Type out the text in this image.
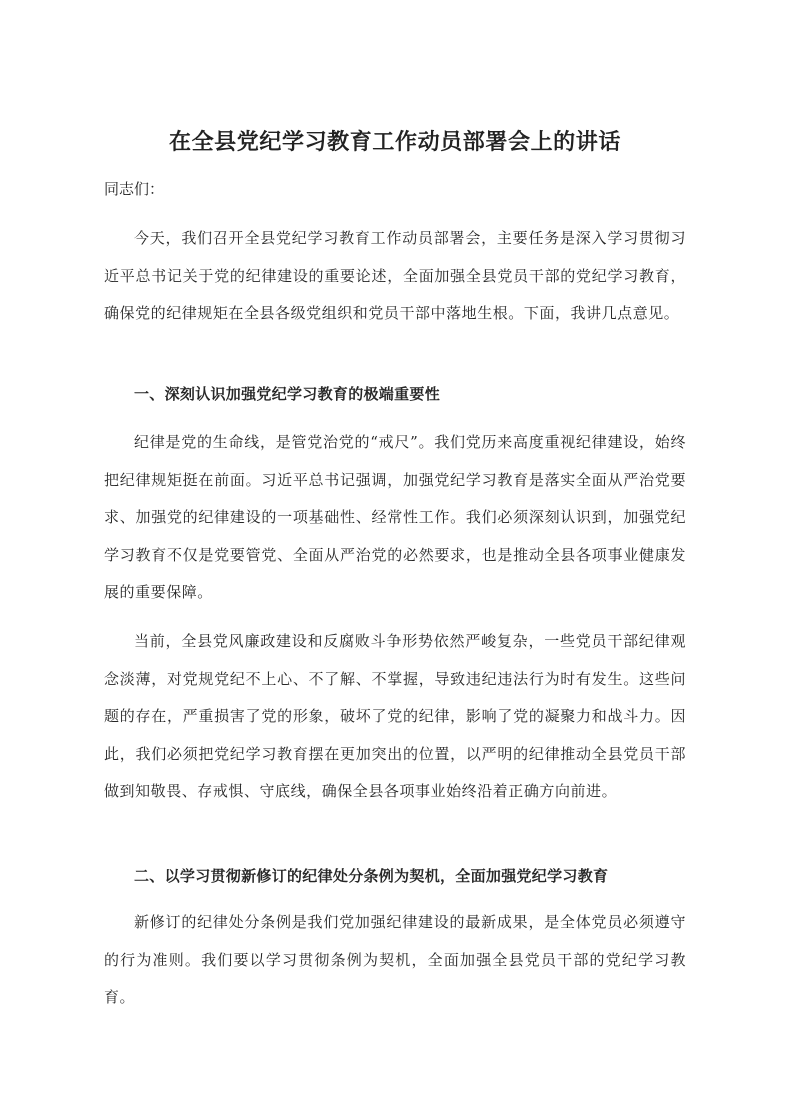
在全县党纪学习教育工作动员部署会上的讲话

同志们：

今天，我们召开全县党纪学习教育工作动员部署会，主要任务是深入学习贯彻习近平总书记关于党的纪律建设的重要论述，全面加强全县党员干部的党纪学习教育，确保党的纪律规矩在全县各级党组织和党员干部中落地生根。下面，我讲几点意见。

一、深刻认识加强党纪学习教育的极端重要性

纪律是党的生命线，是管党治党的“戒尺”。我们党历来高度重视纪律建设，始终把纪律规矩挺在前面。习近平总书记强调，加强党纪学习教育是落实全面从严治党要求、加强党的纪律建设的一项基础性、经常性工作。我们必须深刻认识到，加强党纪学习教育不仅是党要管党、全面从严治党的必然要求，也是推动全县各项事业健康发展的重要保障。

当前，全县党风廉政建设和反腐败斗争形势依然严峻复杂，一些党员干部纪律观念淡薄，对党规党纪不上心、不了解、不掌握，导致违纪违法行为时有发生。这些问题的存在，严重损害了党的形象，破坏了党的纪律，影响了党的凝聚力和战斗力。因此，我们必须把党纪学习教育摆在更加突出的位置，以严明的纪律推动全县党员干部做到知敬畏、存戒惧、守底线，确保全县各项事业始终沿着正确方向前进。

二、以学习贯彻新修订的纪律处分条例为契机，全面加强党纪学习教育

新修订的纪律处分条例是我们党加强纪律建设的最新成果，是全体党员必须遵守的行为准则。我们要以学习贯彻条例为契机，全面加强全县党员干部的党纪学习教育。
